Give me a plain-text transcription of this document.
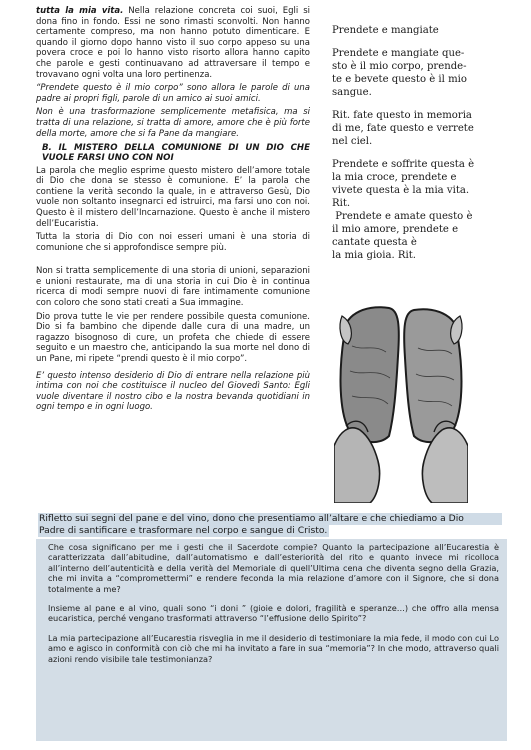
tutta la mia vita. Nella relazione concreta coi suoi, Egli si dona fino in fondo. Essi ne sono rimasti sconvolti. Non hanno certamente compreso, ma non hanno potuto dimenticare. E quando il giorno dopo hanno visto il suo corpo appeso su una povera croce e poi lo hanno visto risorto allora hanno capito che parole e gesti continuavano ad attraversare il tempo e trovavano ogni volta una loro pertinenza.

“Prendete questo è il mio corpo” sono allora le parole di una padre ai propri figli, parole di un amico ai suoi amici.

Non è una trasformazione semplicemente metafisica, ma si tratta di una relazione, si tratta di amore, amore che è più forte della morte, amore che si fa Pane da mangiare.

B. IL MISTERO DELLA COMUNIONE DI UN DIO CHE VUOLE FARSI UNO CON NOI

La parola che meglio esprime questo mistero dell’amore totale di Dio che dona se stesso è comunione. E’ la parola che contiene la verità secondo la quale, in e attraverso Gesù, Dio vuole non soltanto insegnarci ed istruirci, ma farsi uno con noi. Questo è il mistero dell’Incarnazione. Questo è anche il mistero dell’Eucaristia.

Tutta la storia di Dio con noi esseri umani è una storia di comunione che si approfondisce sempre più.

Non si tratta semplicemente di una storia di unioni, separazioni e unioni restaurate, ma di una storia in cui Dio è in continua ricerca di modi sempre nuovi di fare intimamente comunione con coloro che sono stati creati a Sua immagine.

Dio prova tutte le vie per rendere possibile questa comunione. Dio si fa bambino che dipende dalle cura di una madre, un ragazzo bisognoso di cure, un profeta che chiede di essere seguito e un maestro che, anticipando la sua morte nel dono di un Pane, mi ripete “prendi questo è il mio corpo”.

E’ questo intenso desiderio di Dio di entrare nella relazione più intima con noi che costituisce il nucleo del Giovedì Santo: Egli vuole diventare il nostro cibo e la nostra bevanda quotidiani in ogni tempo e in ogni luogo.

Prendete e mangiate

Prendete e mangiate que-
sto è il mio corpo, prende-
te e bevete questo è il mio
sangue.

Rit. fate questo in memoria
di me, fate questo e verrete
nel ciel.

Prendete e soffrite questa è
la mia croce, prendete e
vivete questa è la mia vita.
Rit.
Prendete e amate questo è
il mio amore, prendete e
cantate questa è
la mia gioia. Rit.

Rifletto sui segni del pane e del vino, dono che presentiamo all’altare e che chiediamo a Dio
Padre di santificare e trasformare nel corpo e sangue di Cristo.

Che cosa significano per me i gesti che il Sacerdote compie? Quanto la partecipazione all’Eucarestia è caratterizzata dall’abitudine, dall’automatismo e dall’esteriorità del rito e quanto invece mi ricolloca all’interno dell’autenticità e della verità del Memoriale di quell’Ultima cena che diventa segno della Grazia, che mi invita a “compromettermi” e rendere feconda la mia relazione d’amore con il Signore, che si dona totalmente a me?

Insieme al pane e al vino, quali sono “i doni ” (gioie e dolori, fragilità e speranze…) che offro alla mensa eucaristica, perché vengano trasformati attraverso “l’effusione dello Spirito”?

La mia partecipazione all’Eucarestia risveglia in me il desiderio di testimoniare la mia fede, il modo con cui Lo amo e agisco in conformità con ciò che mi ha invitato a fare in sua “memoria”? In che modo, attraverso quali azioni rendo visibile tale testimonianza?
